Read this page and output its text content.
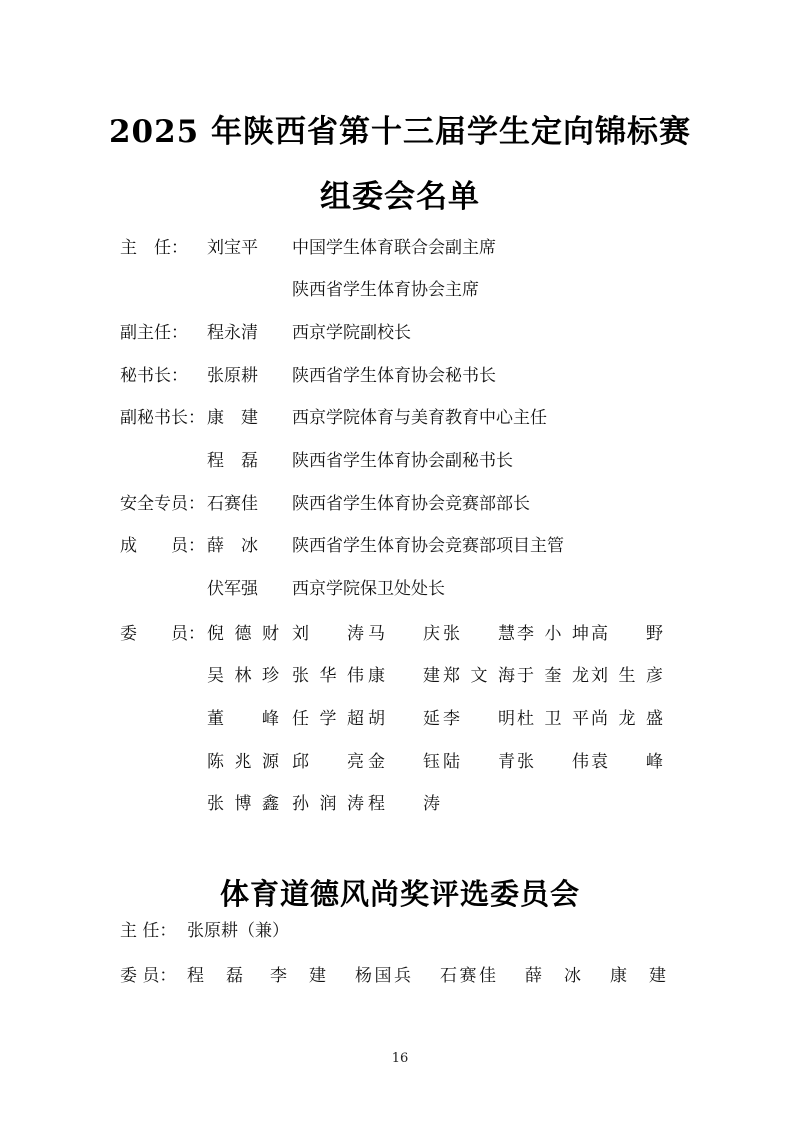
2025 年陕西省第十三届学生定向锦标赛
组委会名单
主　任： 刘宝平 中国学生体育联合会副主席
陕西省学生体育协会主席
副主任： 程永清 西京学院副校长
秘书长： 张原耕 陕西省学生体育协会秘书长
副秘书长： 康　建 西京学院体育与美育教育中心主任
程　磊 陕西省学生体育协会副秘书长
安全专员： 石赛佳 陕西省学生体育协会竞赛部部长
成　　员： 薛　冰 陕西省学生体育协会竞赛部项目主管
伏军强 西京学院保卫处处长
委　　员： 倪德财 刘　涛 马　庆 张　慧 李小坤 高　野
吴林珍 张华伟 康　建 郑文海 于奎龙 刘生彦
董　峰 任学超 胡　延 李　明 杜卫平 尚龙盛
陈兆源 邱　亮 金　钰 陆　青 张　伟 袁　峰
张博鑫 孙润涛 程　涛
体育道德风尚奖评选委员会
主 任： 张原耕（兼）
委 员： 程　磊 李　建 杨国兵 石赛佳 薛　冰 康　建
16
